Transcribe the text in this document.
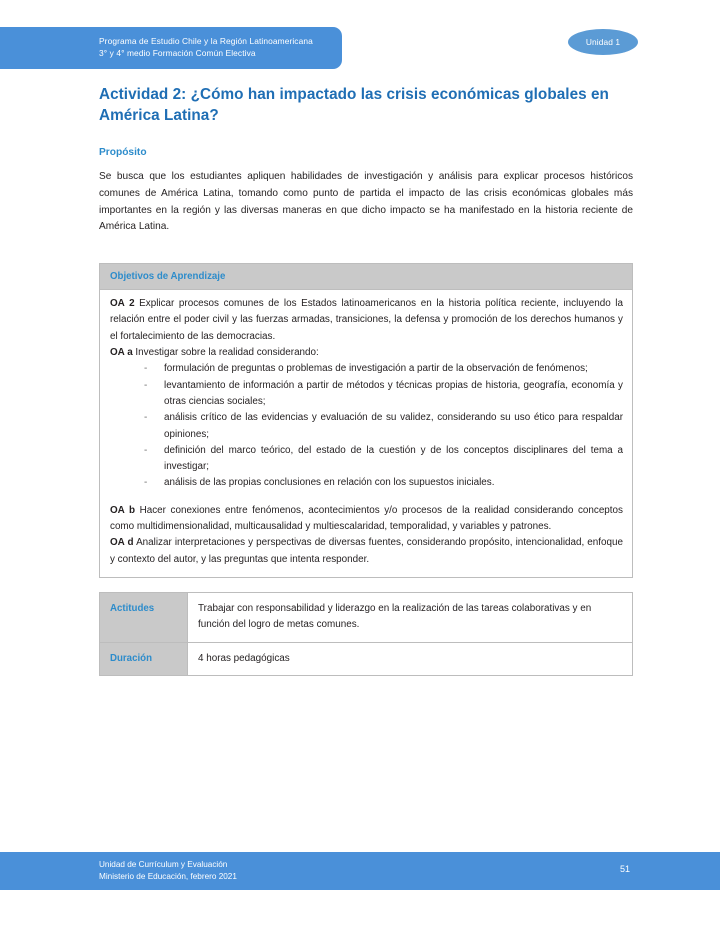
Programa de Estudio Chile y la Región Latinoamericana
3° y 4° medio Formación Común Electiva
Unidad 1
Actividad 2: ¿Cómo han impactado las crisis económicas globales en América Latina?
Propósito

Se busca que los estudiantes apliquen habilidades de investigación y análisis para explicar procesos históricos comunes de América Latina, tomando como punto de partida el impacto de las crisis económicas globales más importantes en la región y las diversas maneras en que dicho impacto se ha manifestado en la historia reciente de América Latina.

Objetivos de Aprendizaje

OA 2 Explicar procesos comunes de los Estados latinoamericanos en la historia política reciente, incluyendo la relación entre el poder civil y las fuerzas armadas, transiciones, la defensa y promoción de los derechos humanos y el fortalecimiento de las democracias.

OA a Investigar sobre la realidad considerando:

- formulación de preguntas o problemas de investigación a partir de la observación de fenómenos;
- levantamiento de información a partir de métodos y técnicas propias de historia, geografía, economía y otras ciencias sociales;
- análisis crítico de las evidencias y evaluación de su validez, considerando su uso ético para respaldar opiniones;
- definición del marco teórico, del estado de la cuestión y de los conceptos disciplinares del tema a investigar;
- análisis de las propias conclusiones en relación con los supuestos iniciales.

OA b Hacer conexiones entre fenómenos, acontecimientos y/o procesos de la realidad considerando conceptos como multidimensionalidad, multicausalidad y multiescalaridad, temporalidad, y variables y patrones.

OA d Analizar interpretaciones y perspectivas de diversas fuentes, considerando propósito, intencionalidad, enfoque y contexto del autor, y las preguntas que intenta responder.

Actitudes	Trabajar con responsabilidad y liderazgo en la realización de las tareas colaborativas y en función del logro de metas comunes.
Duración	4 horas pedagógicas
Unidad de Currículum y Evaluación
Ministerio de Educación, febrero 2021
51
